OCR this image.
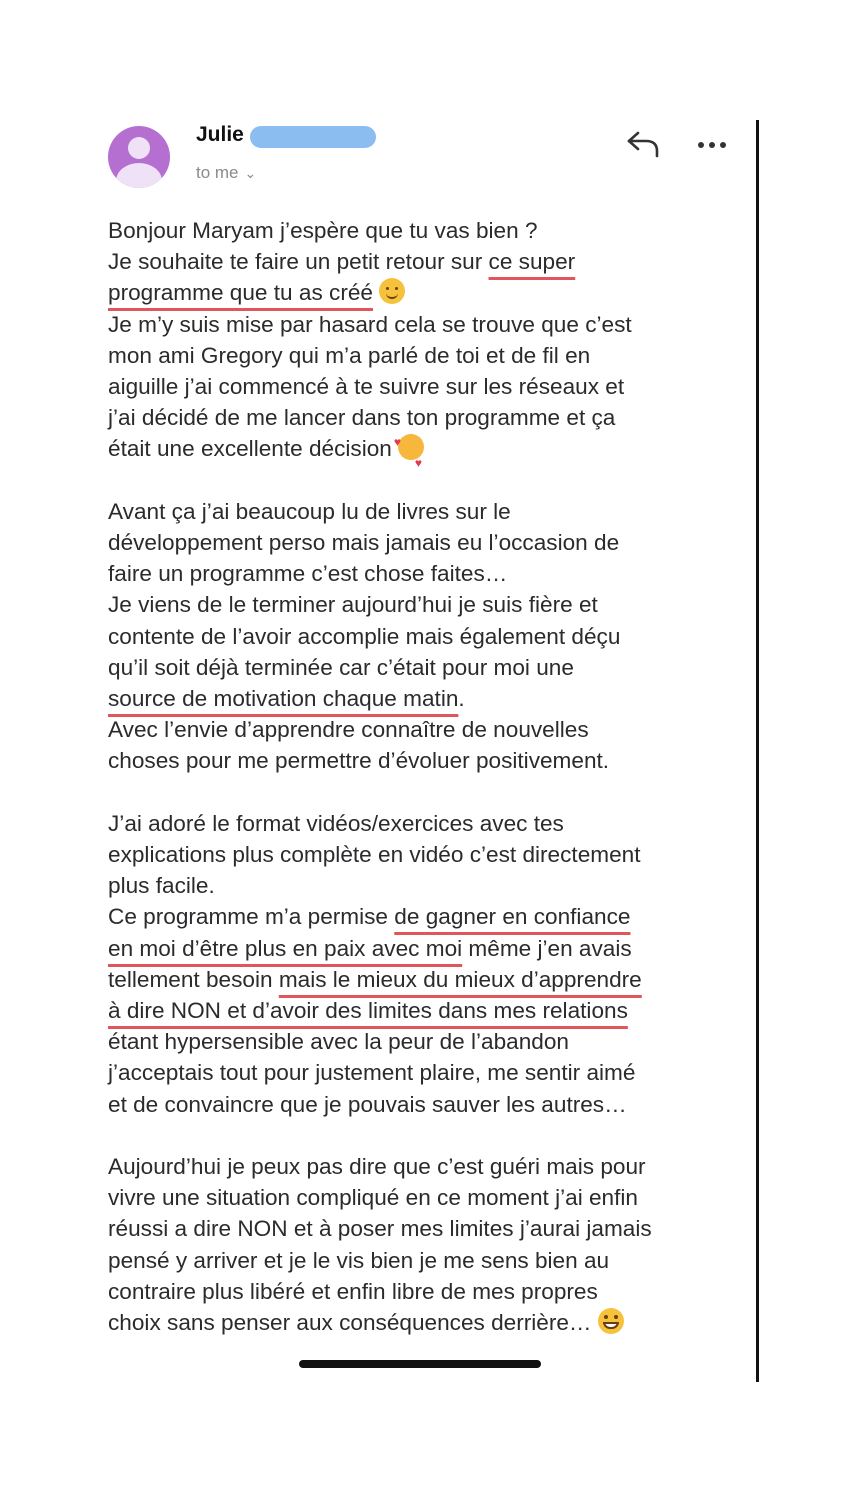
Julie
to me ⌄
Bonjour Maryam j’espère que tu vas bien ?
Je souhaite te faire un petit retour sur ce super
programme que tu as créé
Je m’y suis mise par hasard cela se trouve que c’est
mon ami Gregory qui m’a parlé de toi et de fil en
aiguille j’ai commencé à te suivre sur les réseaux et
j’ai décidé de me lancer dans ton programme et ça
était une excellente décision♥ ♥
Avant ça j’ai beaucoup lu de livres sur le
développement perso mais jamais eu l’occasion de
faire un programme c’est chose faites…
Je viens de le terminer aujourd’hui je suis fière et
contente de l’avoir accomplie mais également déçu
qu’il soit déjà terminée car c’était pour moi une
source de motivation chaque matin.
Avec l’envie d’apprendre connaître de nouvelles
choses pour me permettre d’évoluer positivement.
J’ai adoré le format vidéos/exercices avec tes
explications plus complète en vidéo c’est directement
plus facile.
Ce programme m’a permise de gagner en confiance
en moi d’être plus en paix avec moi même j’en avais
tellement besoin mais le mieux du mieux d’apprendre
à dire NON et d’avoir des limites dans mes relations
étant hypersensible avec la peur de l’abandon
j’acceptais tout pour justement plaire, me sentir aimé
et de convaincre que je pouvais sauver les autres…
Aujourd’hui je peux pas dire que c’est guéri mais pour
vivre une situation compliqué en ce moment j’ai enfin
réussi a dire NON et à poser mes limites j’aurai jamais
pensé y arriver et je le vis bien je me sens bien au
contraire plus libéré et enfin libre de mes propres
choix sans penser aux conséquences derrière…
